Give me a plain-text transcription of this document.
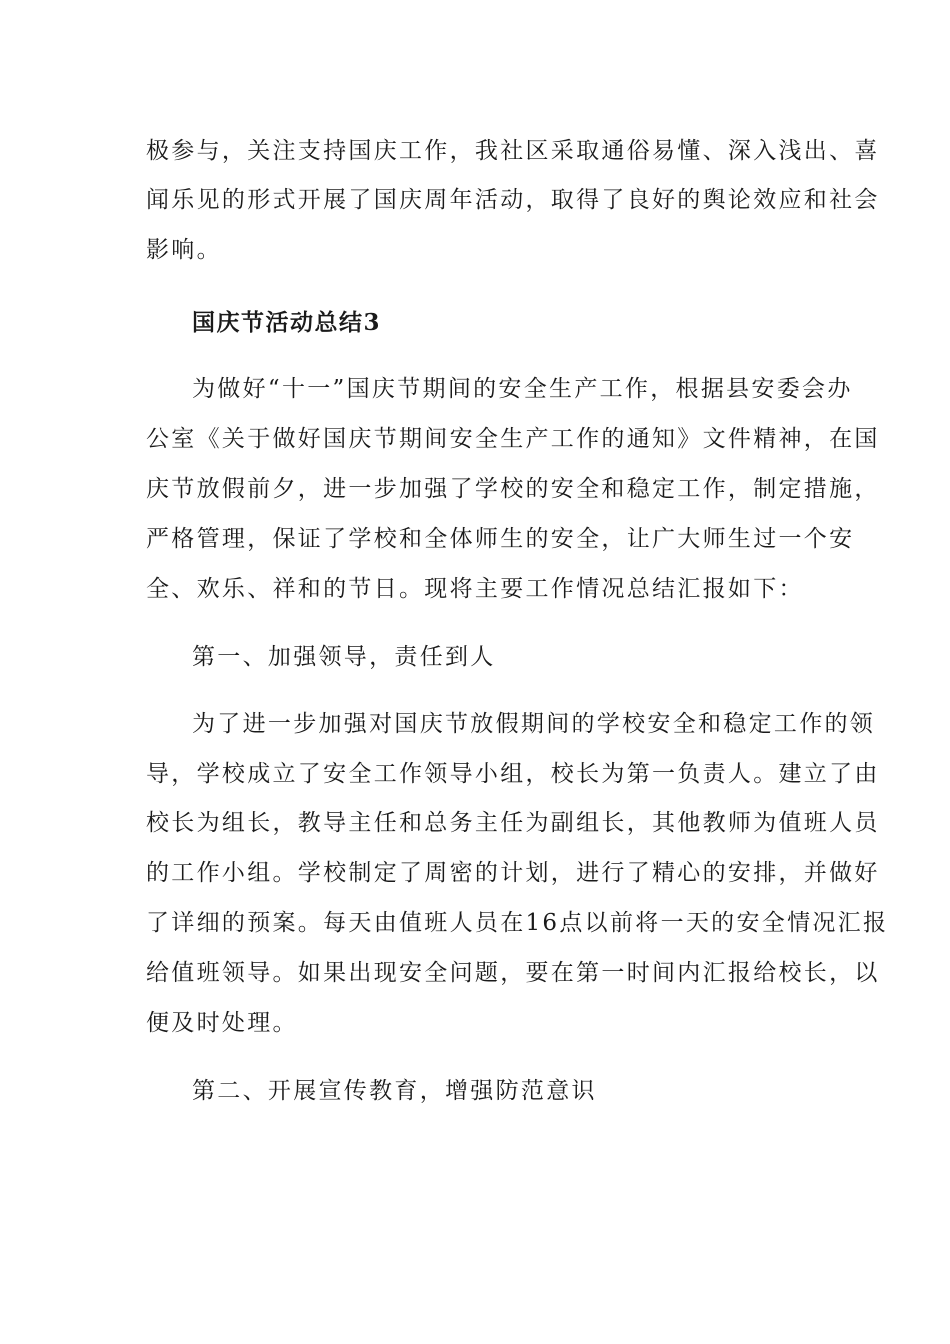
极参与，关注支持国庆工作，我社区采取通俗易懂、深入浅出、喜
闻乐见的形式开展了国庆周年活动，取得了良好的舆论效应和社会
影响。
国庆节活动总结3
为做好“十一”国庆节期间的安全生产工作，根据县安委会办
公室《关于做好国庆节期间安全生产工作的通知》文件精神，在国
庆节放假前夕，进一步加强了学校的安全和稳定工作，制定措施，
严格管理，保证了学校和全体师生的安全，让广大师生过一个安
全、欢乐、祥和的节日。现将主要工作情况总结汇报如下：
第一、加强领导，责任到人
为了进一步加强对国庆节放假期间的学校安全和稳定工作的领
导，学校成立了安全工作领导小组，校长为第一负责人。建立了由
校长为组长，教导主任和总务主任为副组长，其他教师为值班人员
的工作小组。学校制定了周密的计划，进行了精心的安排，并做好
了详细的预案。每天由值班人员在16点以前将一天的安全情况汇报
给值班领导。如果出现安全问题，要在第一时间内汇报给校长，以
便及时处理。
第二、开展宣传教育，增强防范意识
